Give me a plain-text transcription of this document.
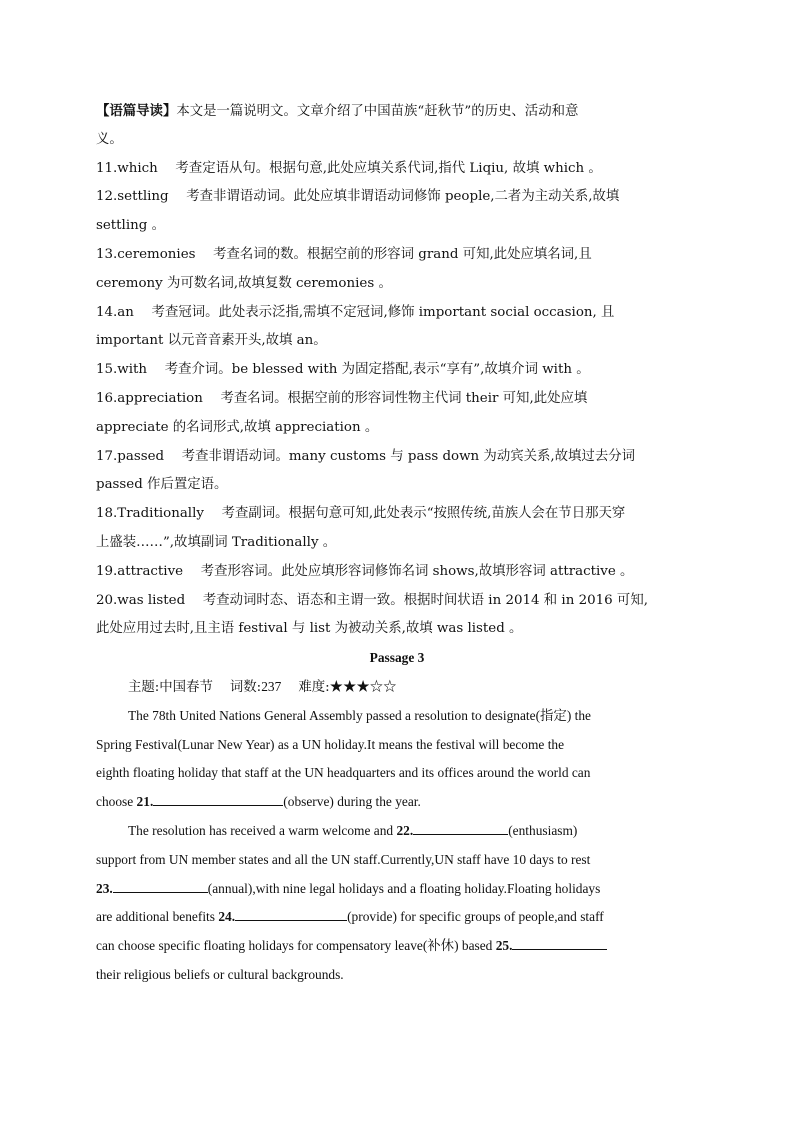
【语篇导读】本文是一篇说明文。文章介绍了中国苗族“赶秋节”的历史、活动和意
义。
11.which　 考查定语从句。根据句意,此处应填关系代词,指代 Liqiu, 故填 which 。
12.settling　 考查非谓语动词。此处应填非谓语动词修饰 people,二者为主动关系,故填
settling 。
13.ceremonies　 考查名词的数。根据空前的形容词 grand 可知,此处应填名词,且
ceremony 为可数名词,故填复数 ceremonies 。
14.an　 考查冠词。此处表示泛指,需填不定冠词,修饰 important social occasion, 且
important 以元音音素开头,故填 an。
15.with　 考查介词。be blessed with 为固定搭配,表示“享有”,故填介词 with 。
16.appreciation　 考查名词。根据空前的形容词性物主代词 their 可知,此处应填
appreciate 的名词形式,故填 appreciation 。
17.passed　 考查非谓语动词。many customs 与 pass down 为动宾关系,故填过去分词
passed 作后置定语。
18.Traditionally　 考查副词。根据句意可知,此处表示“按照传统,苗族人会在节日那天穿
上盛装……”,故填副词 Traditionally 。
19.attractive　 考查形容词。此处应填形容词修饰名词 shows,故填形容词 attractive 。
20.was listed　 考查动词时态、语态和主谓一致。根据时间状语 in 2014 和 in 2016 可知,
此处应用过去时,且主语 festival 与 list 为被动关系,故填 was listed 。
Passage 3
主题:中国春节 词数:237 难度:★★★☆☆
The 78th United Nations General Assembly passed a resolution to designate(指定) the
Spring Festival(Lunar New Year) as a UN holiday.It means the festival will become the
eighth floating holiday that staff at the UN headquarters and its offices around the world can
choose 21.	(observe) during the year.
The resolution has received a warm welcome and 22.	(enthusiasm)
support from UN member states and all the UN staff.Currently,UN staff have 10 days to rest
23.	(annual),with nine legal holidays and a floating holiday.Floating holidays
are additional benefits 24.	(provide) for specific groups of people,and staff
can choose specific floating holidays for compensatory leave(补休) based 25.
their religious beliefs or cultural backgrounds.
